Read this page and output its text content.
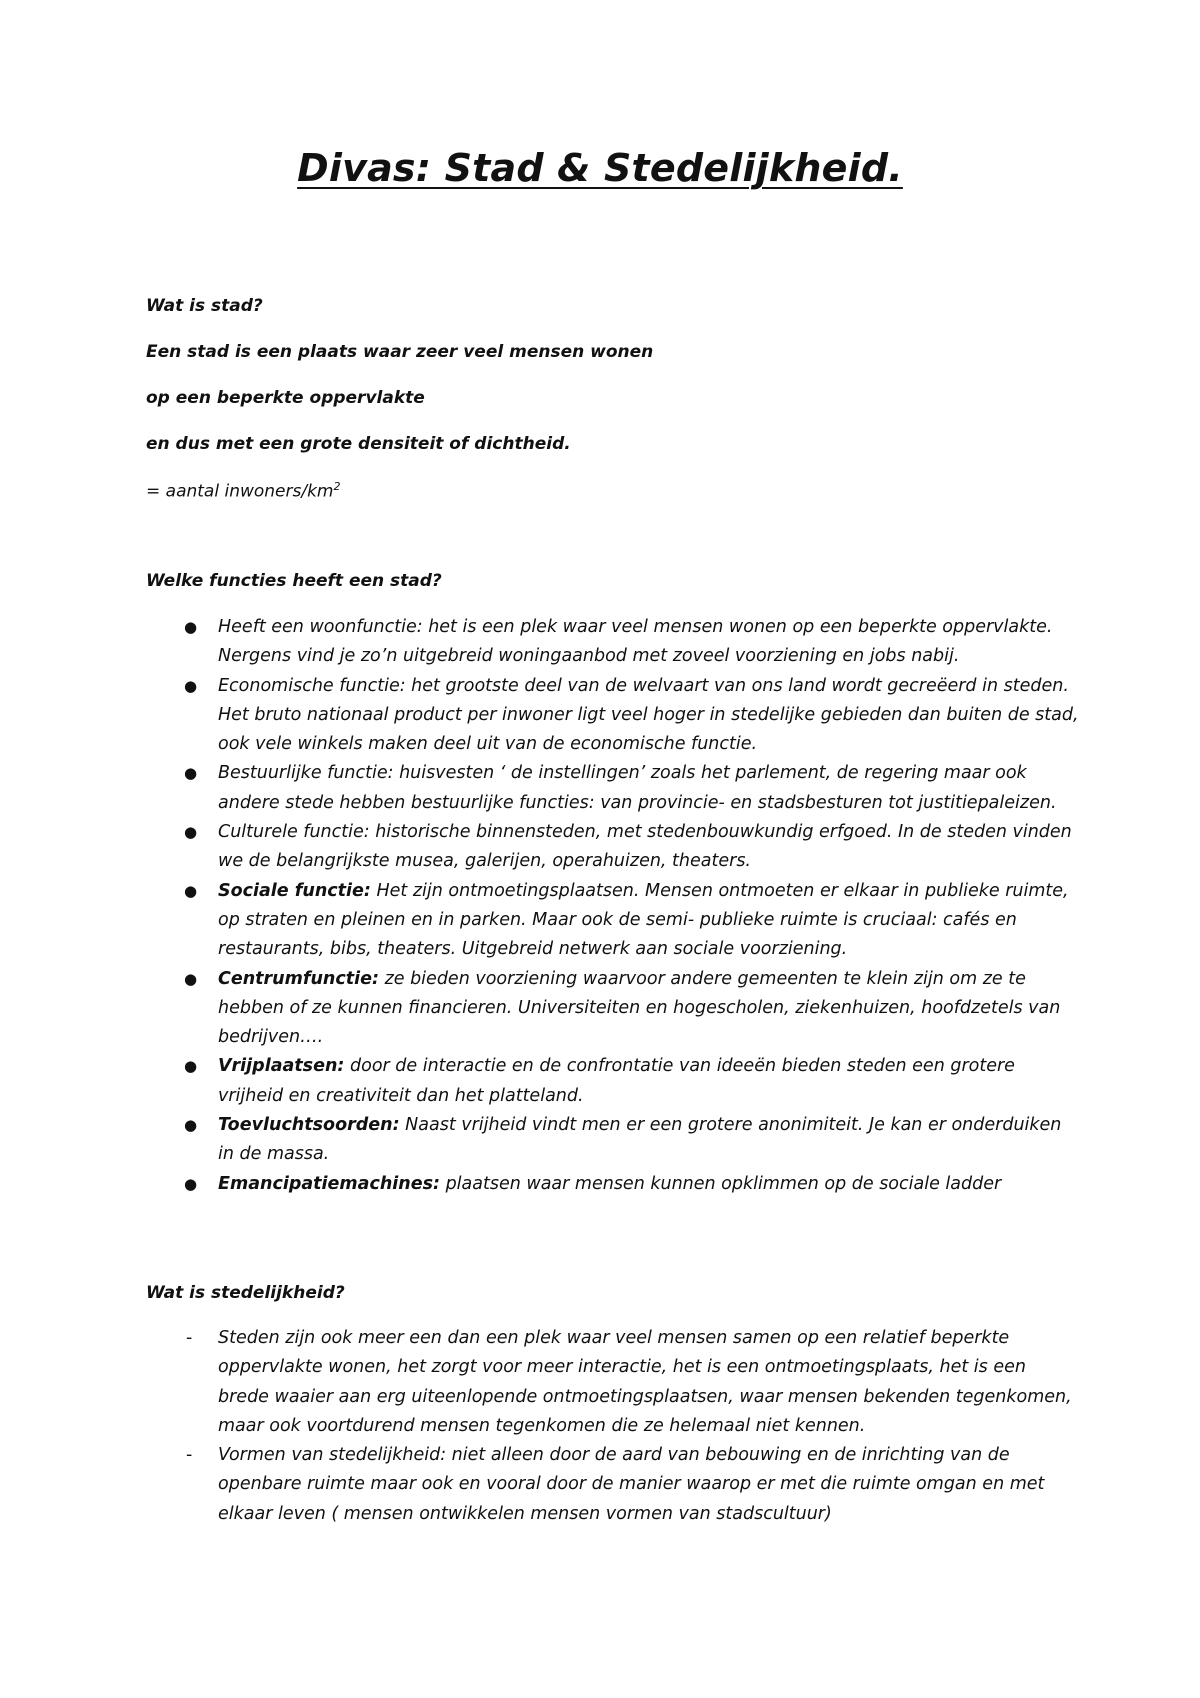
Divas: Stad & Stedelijkheid.
Wat is stad?
Een stad is een plaats waar zeer veel mensen wonen
op een beperkte oppervlakte
en dus met een grote densiteit of dichtheid.
= aantal inwoners/$km^2$
Welke functies heeft een stad?
● Heeft een woonfunctie: het is een plek waar veel mensen wonen op een beperkte oppervlakte. Nergens vind je zo’n uitgebreid woningaanbod met zoveel voorziening en jobs nabij.
● Economische functie: het grootste deel van de welvaart van ons land wordt gecreëerd in steden. Het bruto nationaal product per inwoner ligt veel hoger in stedelijke gebieden dan buiten de stad, ook vele winkels maken deel uit van de economische functie.
● Bestuurlijke functie: huisvesten ‘ de instellingen’ zoals het parlement, de regering maar ook andere stede hebben bestuurlijke functies: van provincie- en stadsbesturen tot justitiepaleizen.
● Culturele functie: historische binnensteden, met stedenbouwkundig erfgoed. In de steden vinden we de belangrijkste musea, galerijen, operahuizen, theaters.
● Sociale functie: Het zijn ontmoetingsplaatsen. Mensen ontmoeten er elkaar in publieke ruimte, op straten en pleinen en in parken. Maar ook de semi- publieke ruimte is cruciaal: cafés en restaurants, bibs, theaters. Uitgebreid netwerk aan sociale voorziening.
● Centrumfunctie: ze bieden voorziening waarvoor andere gemeenten te klein zijn om ze te hebben of ze kunnen financieren. Universiteiten en hogescholen, ziekenhuizen, hoofdzetels van bedrijven….
● Vrijplaatsen: door de interactie en de confrontatie van ideeën bieden steden een grotere vrijheid en creativiteit dan het platteland.
● Toevluchtsoorden: Naast vrijheid vindt men er een grotere anonimiteit. Je kan er onderduiken in de massa.
● Emancipatiemachines: plaatsen waar mensen kunnen opklimmen op de sociale ladder
Wat is stedelijkheid?
- Steden zijn ook meer een dan een plek waar veel mensen samen op een relatief beperkte oppervlakte wonen, het zorgt voor meer interactie, het is een ontmoetingsplaats, het is een brede waaier aan erg uiteenlopende ontmoetingsplaatsen, waar mensen bekenden tegenkomen, maar ook voortdurend mensen tegenkomen die ze helemaal niet kennen.
- Vormen van stedelijkheid: niet alleen door de aard van bebouwing en de inrichting van de openbare ruimte maar ook en vooral door de manier waarop er met die ruimte omgan en met elkaar leven ( mensen ontwikkelen mensen vormen van stadscultuur)
